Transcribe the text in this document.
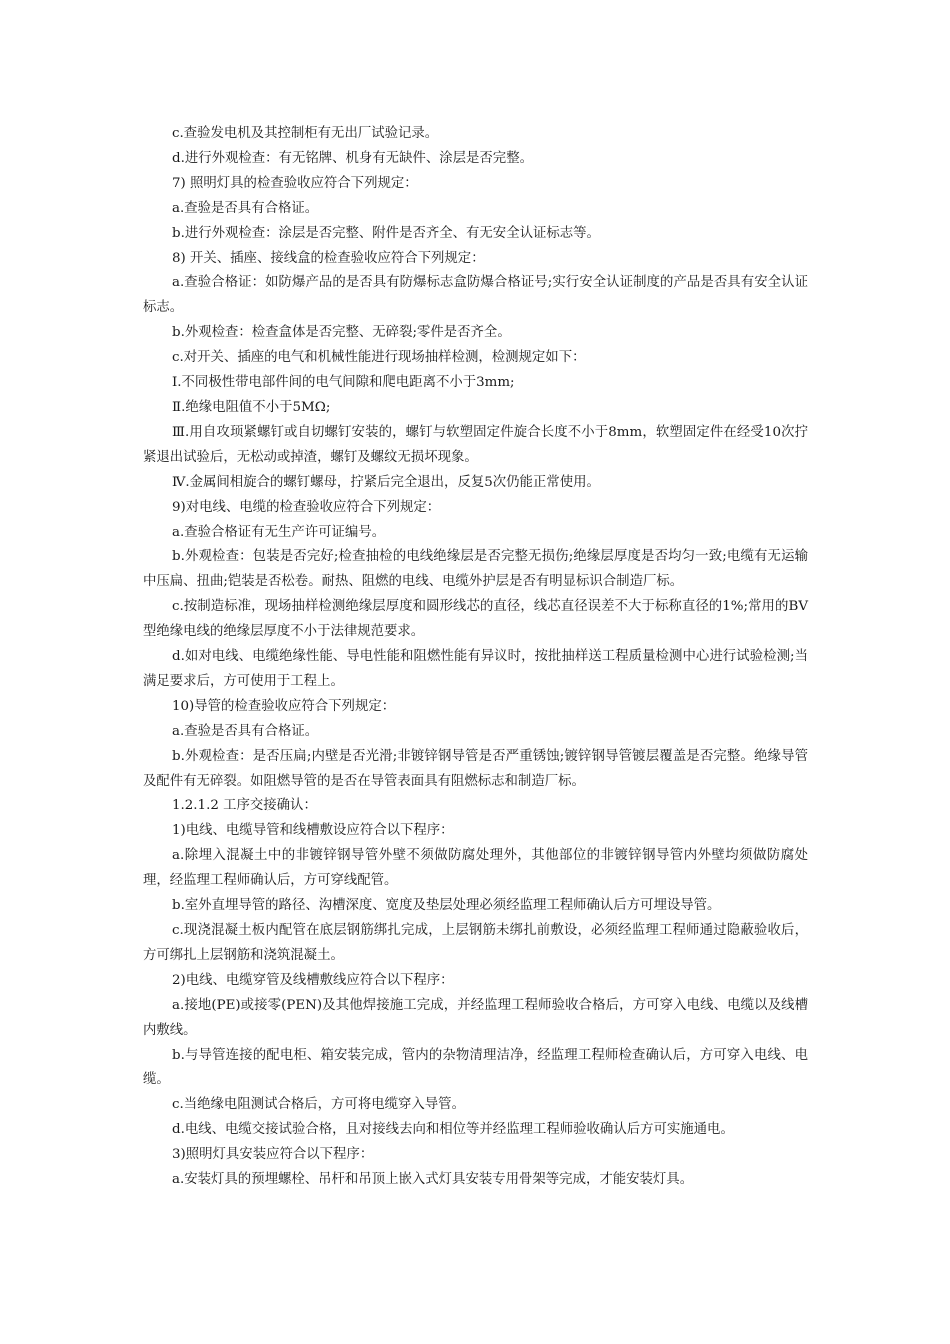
c.查验发电机及其控制柜有无出厂试验记录。

d.进行外观检查：有无铭牌、机身有无缺件、涂层是否完整。

7) 照明灯具的检查验收应符合下列规定：

a.查验是否具有合格证。

b.进行外观检查：涂层是否完整、附件是否齐全、有无安全认证标志等。

8) 开关、插座、接线盒的检查验收应符合下列规定：

a.查验合格证：如防爆产品的是否具有防爆标志盒防爆合格证号;实行安全认证制度的产品是否具有安全认证标志。

b.外观检查：检查盒体是否完整、无碎裂;零件是否齐全。

c.对开关、插座的电气和机械性能进行现场抽样检测，检测规定如下：

Ⅰ.不同极性带电部件间的电气间隙和爬电距离不小于3mm;

Ⅱ.绝缘电阻值不小于5MΩ;

Ⅲ.用自攻顼紧螺钉或自切螺钉安装的，螺钉与软塑固定件旋合长度不小于8mm，软塑固定件在经受10次拧紧退出试验后，无松动或掉渣，螺钉及螺纹无损坏现象。

Ⅳ.金属间相旋合的螺钉螺母，拧紧后完全退出，反复5次仍能正常使用。

9)对电线、电缆的检查验收应符合下列规定：

a.查验合格证有无生产许可证编号。

b.外观检查：包装是否完好;检查抽检的电线绝缘层是否完整无损伤;绝缘层厚度是否均匀一致;电缆有无运输中压扁、扭曲;铠装是否松卷。耐热、阻燃的电线、电缆外护层是否有明显标识合制造厂标。

c.按制造标准，现场抽样检测绝缘层厚度和圆形线芯的直径，线芯直径误差不大于标称直径的1%;常用的BV型绝缘电线的绝缘层厚度不小于法律规范要求。

d.如对电线、电缆绝缘性能、导电性能和阻燃性能有异议时，按批抽样送工程质量检测中心进行试验检测;当满足要求后，方可使用于工程上。

10)导管的检查验收应符合下列规定：

a.查验是否具有合格证。

b.外观检查：是否压扁;内壁是否光滑;非镀锌钢导管是否严重锈蚀;镀锌钢导管镀层覆盖是否完整。绝缘导管及配件有无碎裂。如阻燃导管的是否在导管表面具有阻燃标志和制造厂标。

1.2.1.2 工序交接确认：

1)电线、电缆导管和线槽敷设应符合以下程序：

a.除埋入混凝土中的非镀锌钢导管外壁不须做防腐处理外，其他部位的非镀锌钢导管内外壁均须做防腐处理，经监理工程师确认后，方可穿线配管。

b.室外直埋导管的路径、沟槽深度、宽度及垫层处理必须经监理工程师确认后方可埋设导管。

c.现浇混凝土板内配管在底层钢筋绑扎完成，上层钢筋未绑扎前敷设，必须经监理工程师通过隐蔽验收后，方可绑扎上层钢筋和浇筑混凝土。

2)电线、电缆穿管及线槽敷线应符合以下程序：

a.接地(PE)或接零(PEN)及其他焊接施工完成，并经监理工程师验收合格后，方可穿入电线、电缆以及线槽内敷线。

b.与导管连接的配电柜、箱安装完成，管内的杂物清理洁净，经监理工程师检查确认后，方可穿入电线、电缆。

c.当绝缘电阻测试合格后，方可将电缆穿入导管。

d.电线、电缆交接试验合格，且对接线去向和相位等并经监理工程师验收确认后方可实施通电。

3)照明灯具安装应符合以下程序：

a.安装灯具的预埋螺栓、吊杆和吊顶上嵌入式灯具安装专用骨架等完成，才能安装灯具。
